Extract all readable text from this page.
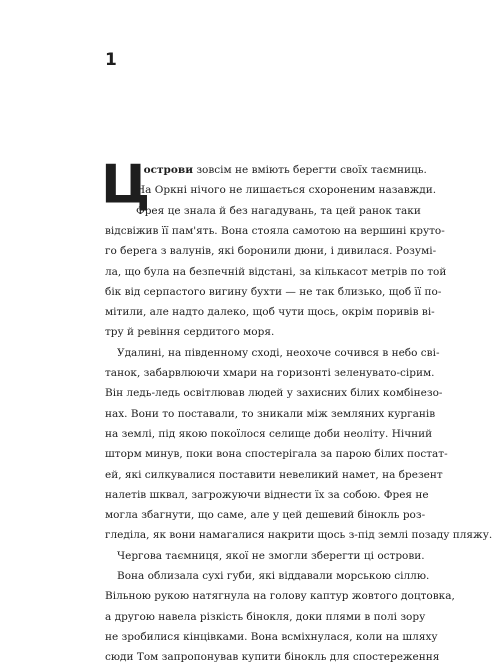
1
Ц
і острови зовсім не вміють берегти своїх таємниць.
На Оркні нічого не лишається схороненим назавжди.
Фрея це знала й без нагадувань, та цей ранок таки
відсвіжив її пам'ять. Вона стояла самотою на вершині круто-
го берега з валунів, які боронили дюни, і дивилася. Розумі-
ла, що була на безпечній відстані, за кількасот метрів по той
бік від серпастого вигину бухти — не так близько, щоб її по-
мітили, але надто далеко, щоб чути щось, окрім поривів ві-
тру й ревіння сердитого моря.
Удалині, на південному сході, неохоче сочився в небо сві-
танок, забарвлюючи хмари на горизонті зеленувато-сірим.
Він ледь-ледь освітлював людей у захисних білих комбінезо-
нах. Вони то поставали, то зникали між земляних курганів
на землі, під якою покоїлося селище доби неоліту. Нічний
шторм минув, поки вона спостерігала за парою білих постат-
ей, які силкувалися поставити невеликий намет, на брезент
налетів шквал, загрожуючи віднести їх за собою. Фрея не
могла збагнути, що саме, але у цей дешевий бінокль роз-
гледіла, як вони намагалися накрити щось з-під землі позаду пляжу.
Чергова таємниця, якої не змогли зберегти ці острови.
Вона облизала сухі губи, які віддавали морською сіллю.
Вільною рукою натягнула на голову каптур жовтого доцтовка,
а другою навела різкість бінокля, доки плями в полі зору
не зробилися кінцівками. Вона всміхнулася, коли на шляху
сюди Том запропонував купити бінокль для спостереження
